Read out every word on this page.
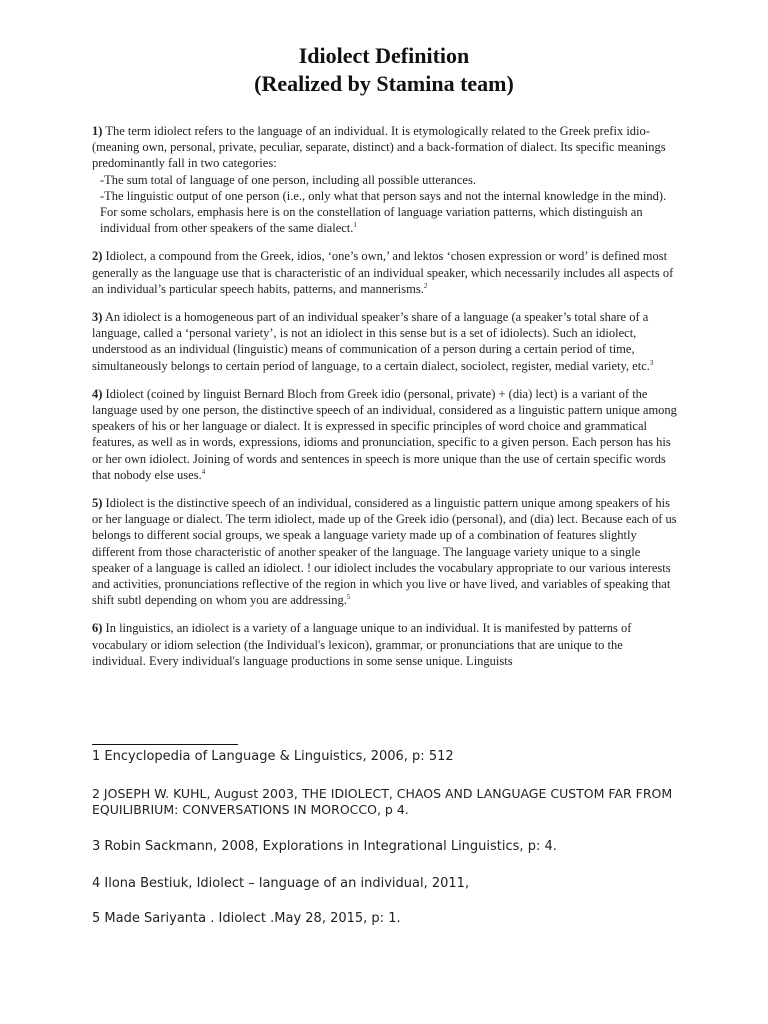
Idiolect Definition
(Realized by Stamina team)

1) The term idiolect refers to the language of an individual. It is etymologically related to the Greek prefix idio- (meaning own, personal, private, peculiar, separate, distinct) and a back-formation of dialect. Its specific meanings predominantly fall in two categories:
-The sum total of language of one person, including all possible utterances.
-The linguistic output of one person (i.e., only what that person says and not the internal knowledge in the mind). For some scholars, emphasis here is on the constellation of language variation patterns, which distinguish an individual from other speakers of the same dialect.$^1$

2) Idiolect, a compound from the Greek, idios, ‘one’s own,’ and lektos ‘chosen expression or word’ is defined most generally as the language use that is characteristic of an individual speaker, which necessarily includes all aspects of an individual’s particular speech habits, patterns, and mannerisms.$^2$

3) An idiolect is a homogeneous part of an individual speaker’s share of a language (a speaker’s total share of a language, called a ‘personal variety’, is not an idiolect in this sense but is a set of idiolects). Such an idiolect, understood as an individual (linguistic) means of communication of a person during a certain period of time, simultaneously belongs to certain period of language, to a certain dialect, sociolect, register, medial variety, etc.$^3$

4) Idiolect (coined by linguist Bernard Bloch from Greek idio (personal, private) + (dia) lect) is a variant of the language used by one person, the distinctive speech of an individual, considered as a linguistic pattern unique among speakers of his or her language or dialect. It is expressed in specific principles of word choice and grammatical features, as well as in words, expressions, idioms and pronunciation, specific to a given person. Each person has his or her own idiolect. Joining of words and sentences in speech is more unique than the use of certain specific words that nobody else uses.$^4$

5) Idiolect is the distinctive speech of an individual, considered as a linguistic pattern unique among speakers of his or her language or dialect. The term idiolect, made up of the Greek idio (personal), and (dia) lect. Because each of us belongs to different social groups, we speak a language variety made up of a combination of features slightly different from those characteristic of another speaker of the language. The language variety unique to a single speaker of a language is called an idiolect. ! our idiolect includes the vocabulary appropriate to our various interests and activities, pronunciations reflective of the region in which you live or have lived, and variables of speaking that shift subtl depending on whom you are addressing.$^5$

6) In linguistics, an idiolect is a variety of a language unique to an individual. It is manifested by patterns of vocabulary or idiom selection (the Individual's lexicon), grammar, or pronunciations that are unique to the individual. Every individual's language productions in some sense unique. Linguists

1 Encyclopedia of Language & Linguistics, 2006, p: 512
2 JOSEPH W. KUHL, August 2003, THE IDIOLECT, CHAOS AND LANGUAGE CUSTOM FAR FROM EQUILIBRIUM: CONVERSATIONS IN MOROCCO, p 4.
3 Robin Sackmann, 2008, Explorations in Integrational Linguistics, p: 4.
4 Ilona Bestiuk, Idiolect – language of an individual, 2011,
5 Made Sariyanta . Idiolect .May 28, 2015, p: 1.
